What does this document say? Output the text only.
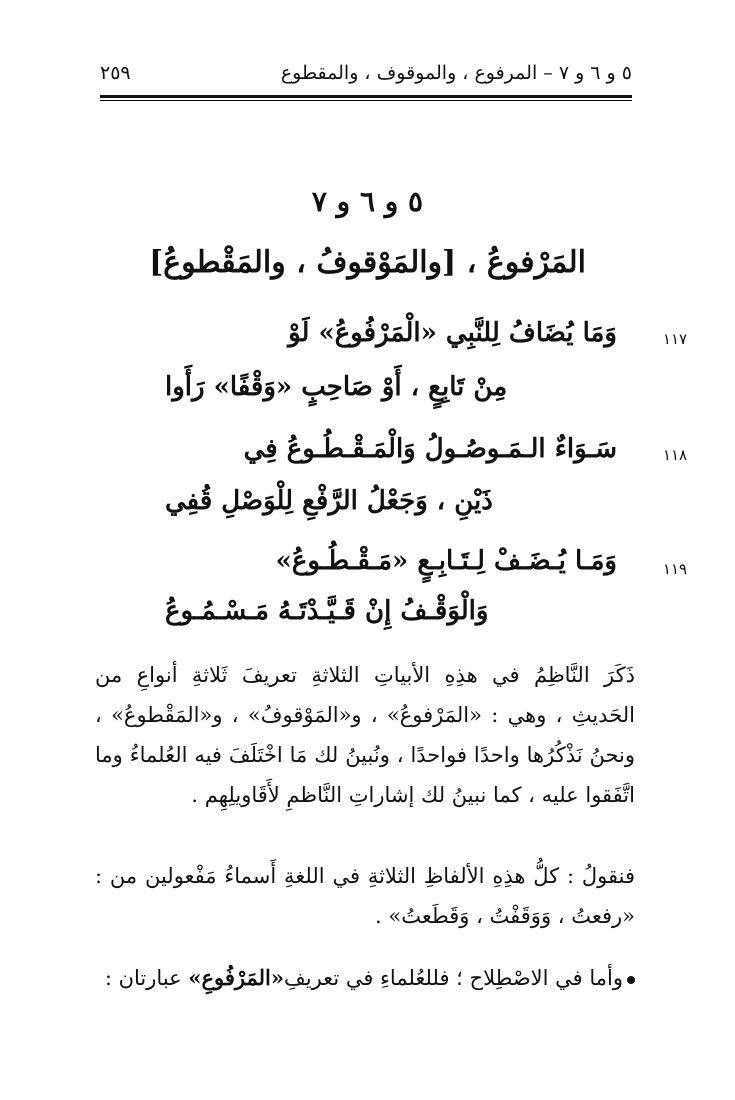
٥ و ٦ و ٧ – المرفوع ، والموقوف ، والمقطوع
٢٥٩
٥ و ٦ و ٧
المَرْفوعُ ، [والمَوْقوفُ ، والمَقْطوعُ]
١١٧
وَمَا يُضَافُ لِلنَّبِي «الْمَرْفُوعُ» لَوْ
مِنْ تَابِعٍ ، أَوْ صَاحِبٍ «وَقْفًا» رَأَوا
١١٨
سَـوَاءٌ الـمَـوصُـولُ وَالْمَـقْـطُـوعُ فِي
ذَيْنِ ، وَجَعْلُ الرَّفْعِ لِلْوَصْلِ قُفِي
١١٩
وَمَـا يُـضَـفْ لِـتَـابِـعٍ «مَـقْـطُـوعُ»
وَالْوَقْـفُ إِنْ قَـيَّـدْتَـهُ مَـسْـمُـوعُ
ذَكَرَ النَّاظِمُ في هذِهِ الأبياتِ الثلاثةِ تعريفَ ثَلاثةِ أنواعِ من الحَديثِ ، وهي : «المَرْفوعُ» ، و«المَوْقوفُ» ، و«المَقْطوعُ» ، ونحنُ نَذْكُرُها واحدًا فواحدًا ، ونُبينُ لك مَا اخْتَلَفَ فيه العُلماءُ وما اتَّفَقوا عليه ، كما نبينُ لك إشاراتِ النَّاظمِ لأَقَاويلِهِم .
فنقولُ : كلُّ هذِهِ الألفاظِ الثلاثةِ في اللغةِ أَسماءُ مَفْعولين من : «رفعتُ ، وَوَقَفْتُ ، وَقَطَعتُ» .
وأما في الاصْطِلاح ؛ فللعُلماءِ في تعريفِ«المَرْفُوعِ» عبارتان :
